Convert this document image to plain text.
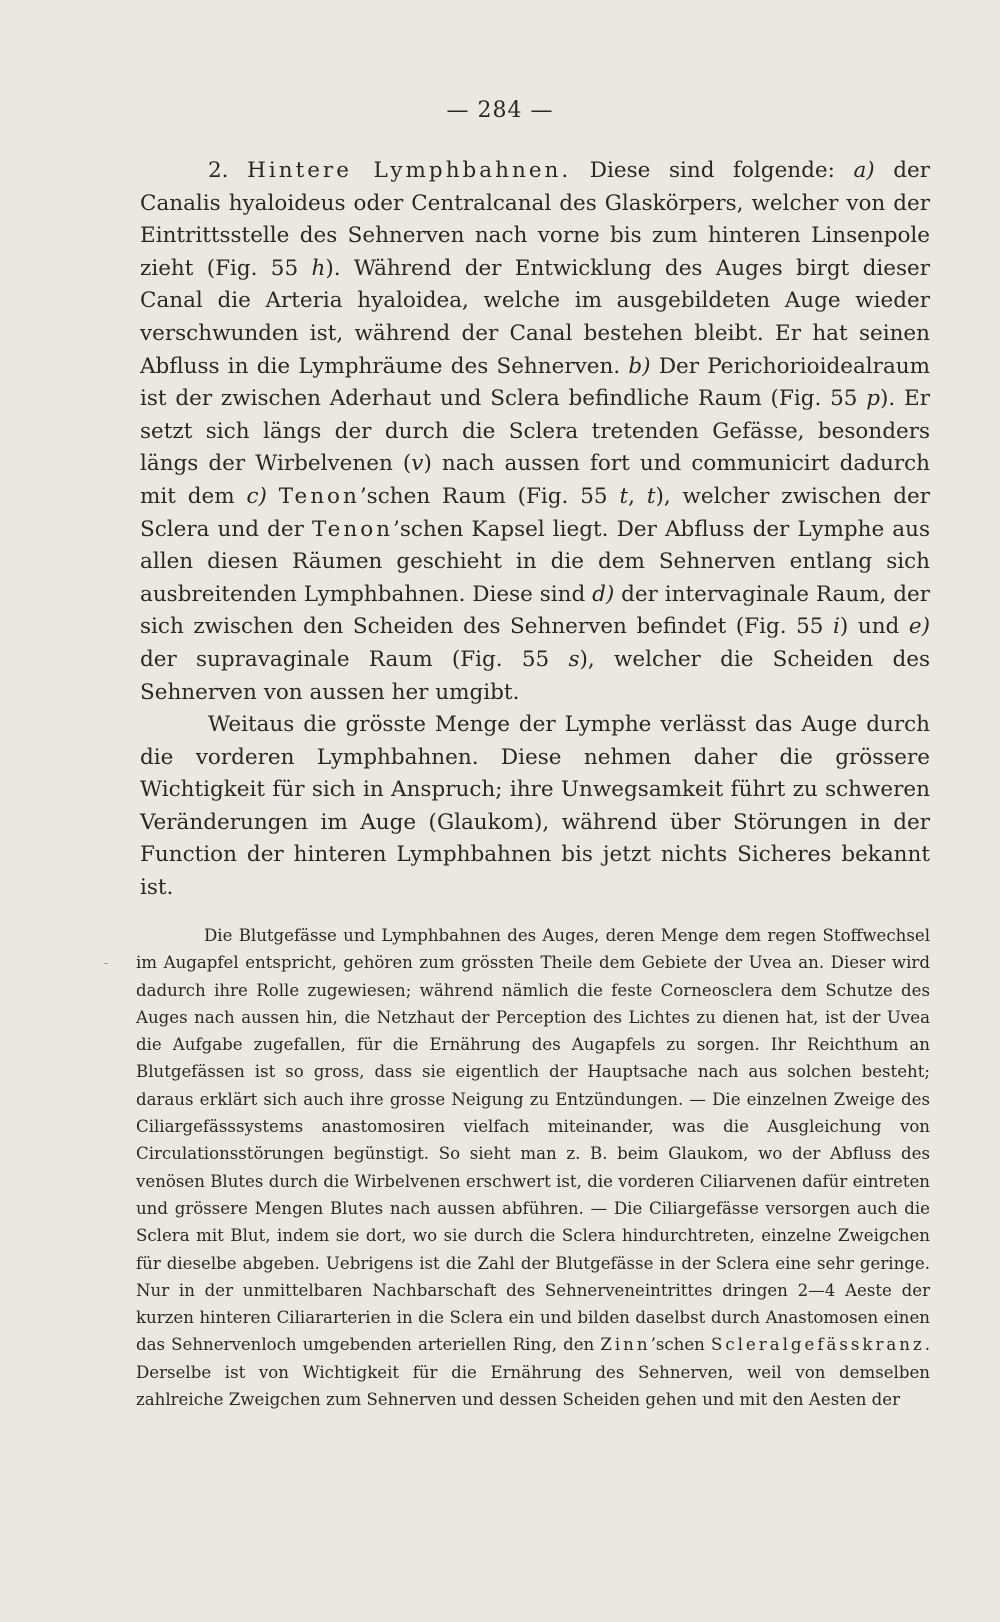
— 284 —

2. Hintere Lymphbahnen. Diese sind folgende: a) der Canalis hyaloideus oder Centralcanal des Glaskörpers, welcher von der Eintrittsstelle des Sehnerven nach vorne bis zum hinteren Linsenpole zieht (Fig. 55 h). Während der Entwicklung des Auges birgt dieser Canal die Arteria hyaloidea, welche im ausgebildeten Auge wieder verschwunden ist, während der Canal bestehen bleibt. Er hat seinen Abfluss in die Lymphräume des Sehnerven. b) Der Perichorioidealraum ist der zwischen Aderhaut und Sclera befindliche Raum (Fig. 55 p). Er setzt sich längs der durch die Sclera tretenden Gefässe, besonders längs der Wirbelvenen (v) nach aussen fort und communicirt dadurch mit dem c) Tenon’schen Raum (Fig. 55 t, t), welcher zwischen der Sclera und der Tenon’schen Kapsel liegt. Der Abfluss der Lymphe aus allen diesen Räumen geschieht in die dem Sehnerven entlang sich ausbreitenden Lymphbahnen. Diese sind d) der intervaginale Raum, der sich zwischen den Scheiden des Sehnerven befindet (Fig. 55 i) und e) der supravaginale Raum (Fig. 55 s), welcher die Scheiden des Sehnerven von aussen her umgibt.

Weitaus die grösste Menge der Lymphe verlässt das Auge durch die vorderen Lymphbahnen. Diese nehmen daher die grössere Wichtigkeit für sich in Anspruch; ihre Unwegsamkeit führt zu schweren Veränderungen im Auge (Glaukom), während über Störungen in der Function der hinteren Lymphbahnen bis jetzt nichts Sicheres bekannt ist.

-

Die Blutgefässe und Lymphbahnen des Auges, deren Menge dem regen Stoffwechsel im Augapfel entspricht, gehören zum grössten Theile dem Gebiete der Uvea an. Dieser wird dadurch ihre Rolle zugewiesen; während nämlich die feste Corneosclera dem Schutze des Auges nach aussen hin, die Netzhaut der Perception des Lichtes zu dienen hat, ist der Uvea die Aufgabe zugefallen, für die Ernährung des Augapfels zu sorgen. Ihr Reichthum an Blutgefässen ist so gross, dass sie eigentlich der Hauptsache nach aus solchen besteht; daraus erklärt sich auch ihre grosse Neigung zu Entzündungen. — Die einzelnen Zweige des Ciliargefässsystems anastomosiren vielfach miteinander, was die Ausgleichung von Circulationsstörungen begünstigt. So sieht man z. B. beim Glaukom, wo der Abfluss des venösen Blutes durch die Wirbelvenen erschwert ist, die vorderen Ciliarvenen dafür eintreten und grössere Mengen Blutes nach aussen abführen. — Die Ciliargefässe versorgen auch die Sclera mit Blut, indem sie dort, wo sie durch die Sclera hindurchtreten, einzelne Zweigchen für dieselbe abgeben. Uebrigens ist die Zahl der Blutgefässe in der Sclera eine sehr geringe. Nur in der unmittelbaren Nachbarschaft des Sehnerveneintrittes dringen 2—4 Aeste der kurzen hinteren Ciliararterien in die Sclera ein und bilden daselbst durch Anastomosen einen das Sehnervenloch umgebenden arteriellen Ring, den Zinn’schen Scleralgefässkranz. Derselbe ist von Wichtigkeit für die Ernährung des Sehnerven, weil von demselben zahlreiche Zweigchen zum Sehnerven und dessen Scheiden gehen und mit den Aesten der
